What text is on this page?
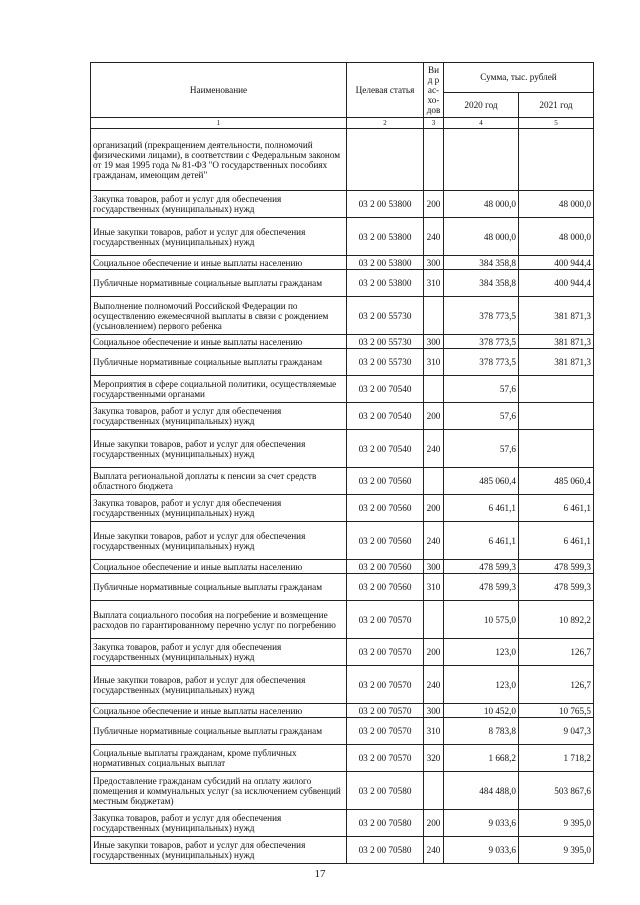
Наименование	Целевая статья	Вид рас-хо-дов	Сумма, тыс. рублей	
			2020 год	2021 год
1	2	3	4	5
организаций (прекращением деятельности, полномочий физическими лицами), в соответствии с Федеральным законом от 19 мая 1995 года № 81-ФЗ "О государственных пособиях гражданам, имеющим детей"				
Закупка товаров, работ и услуг для обеспечения государственных (муниципальных) нужд	03 2 00 53800	200	48 000,0	48 000,0
Иные закупки товаров, работ и услуг для обеспечения государственных (муниципальных) нужд	03 2 00 53800	240	48 000,0	48 000,0
Социальное обеспечение и иные выплаты населению	03 2 00 53800	300	384 358,8	400 944,4
Публичные нормативные социальные выплаты гражданам	03 2 00 53800	310	384 358,8	400 944,4
Выполнение полномочий Российской Федерации по осуществлению ежемесячной выплаты в связи с рождением (усыновлением) первого ребенка	03 2 00 55730		378 773,5	381 871,3
Социальное обеспечение и иные выплаты населению	03 2 00 55730	300	378 773,5	381 871,3
Публичные нормативные социальные выплаты гражданам	03 2 00 55730	310	378 773,5	381 871,3
Мероприятия в сфере социальной политики, осуществляемые государственными органами	03 2 00 70540		57,6	
Закупка товаров, работ и услуг для обеспечения государственных (муниципальных) нужд	03 2 00 70540	200	57,6	
Иные закупки товаров, работ и услуг для обеспечения государственных (муниципальных) нужд	03 2 00 70540	240	57,6	
Выплата региональной доплаты к пенсии за счет средств областного бюджета	03 2 00 70560		485 060,4	485 060,4
Закупка товаров, работ и услуг для обеспечения государственных (муниципальных) нужд	03 2 00 70560	200	6 461,1	6 461,1
Иные закупки товаров, работ и услуг для обеспечения государственных (муниципальных) нужд	03 2 00 70560	240	6 461,1	6 461,1
Социальное обеспечение и иные выплаты населению	03 2 00 70560	300	478 599,3	478 599,3
Публичные нормативные социальные выплаты гражданам	03 2 00 70560	310	478 599,3	478 599,3
Выплата социального пособия на погребение и возмещение расходов по гарантированному перечню услуг по погребению	03 2 00 70570		10 575,0	10 892,2
Закупка товаров, работ и услуг для обеспечения государственных (муниципальных) нужд	03 2 00 70570	200	123,0	126,7
Иные закупки товаров, работ и услуг для обеспечения государственных (муниципальных) нужд	03 2 00 70570	240	123,0	126,7
Социальное обеспечение и иные выплаты населению	03 2 00 70570	300	10 452,0	10 765,5
Публичные нормативные социальные выплаты гражданам	03 2 00 70570	310	8 783,8	9 047,3
Социальные выплаты гражданам, кроме публичных нормативных социальных выплат	03 2 00 70570	320	1 668,2	1 718,2
Предоставление гражданам субсидий на оплату жилого помещения и коммунальных услуг (за исключением субвенций местным бюджетам)	03 2 00 70580		484 488,0	503 867,6
Закупка товаров, работ и услуг для обеспечения государственных (муниципальных) нужд	03 2 00 70580	200	9 033,6	9 395,0
Иные закупки товаров, работ и услуг для обеспечения государственных (муниципальных) нужд	03 2 00 70580	240	9 033,6	9 395,0
17
